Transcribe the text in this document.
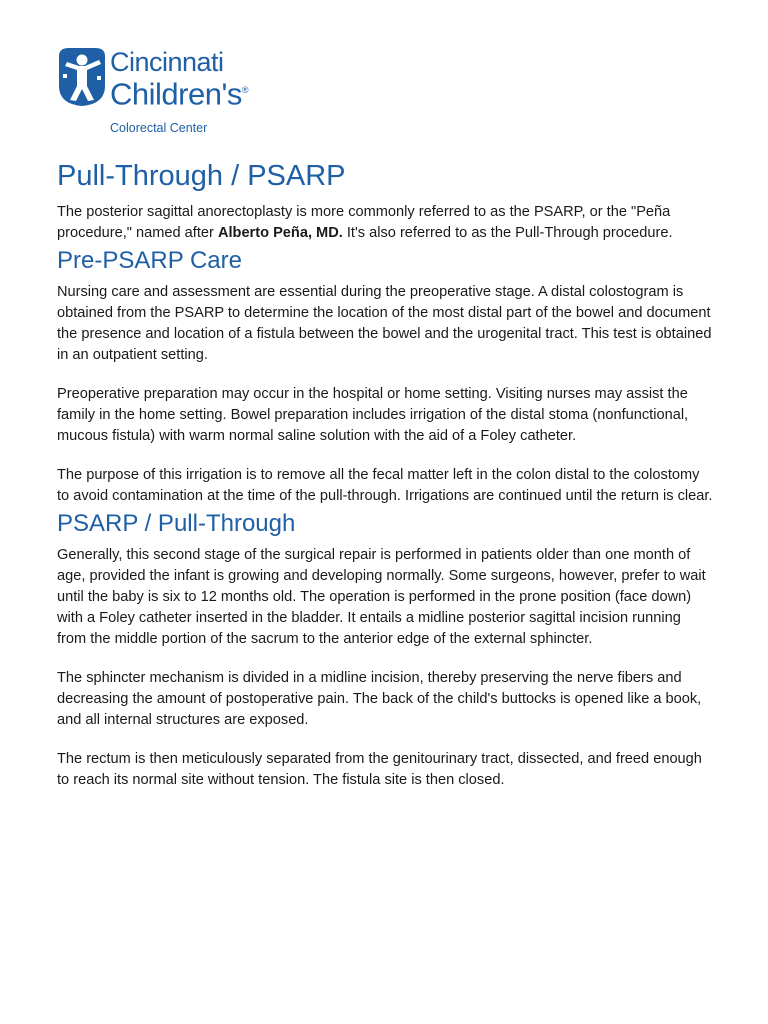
Cincinnati
Children's®
Colorectal Center
Pull-Through / PSARP

The posterior sagittal anorectoplasty is more commonly referred to as the PSARP, or the "Peña procedure," named after Alberto Peña, MD. It's also referred to as the Pull-Through procedure.

Pre-PSARP Care

Nursing care and assessment are essential during the preoperative stage. A distal colostogram is obtained from the PSARP to determine the location of the most distal part of the bowel and document the presence and location of a fistula between the bowel and the urogenital tract. This test is obtained in an outpatient setting.

Preoperative preparation may occur in the hospital or home setting. Visiting nurses may assist the family in the home setting. Bowel preparation includes irrigation of the distal stoma (nonfunctional, mucous fistula) with warm normal saline solution with the aid of a Foley catheter.

The purpose of this irrigation is to remove all the fecal matter left in the colon distal to the colostomy to avoid contamination at the time of the pull-through. Irrigations are continued until the return is clear.

PSARP / Pull-Through

Generally, this second stage of the surgical repair is performed in patients older than one month of age, provided the infant is growing and developing normally. Some surgeons, however, prefer to wait until the baby is six to 12 months old. The operation is performed in the prone position (face down) with a Foley catheter inserted in the bladder. It entails a midline posterior sagittal incision running from the middle portion of the sacrum to the anterior edge of the external sphincter.

The sphincter mechanism is divided in a midline incision, thereby preserving the nerve fibers and decreasing the amount of postoperative pain. The back of the child's buttocks is opened like a book, and all internal structures are exposed.

The rectum is then meticulously separated from the genitourinary tract, dissected, and freed enough to reach its normal site without tension. The fistula site is then closed.
